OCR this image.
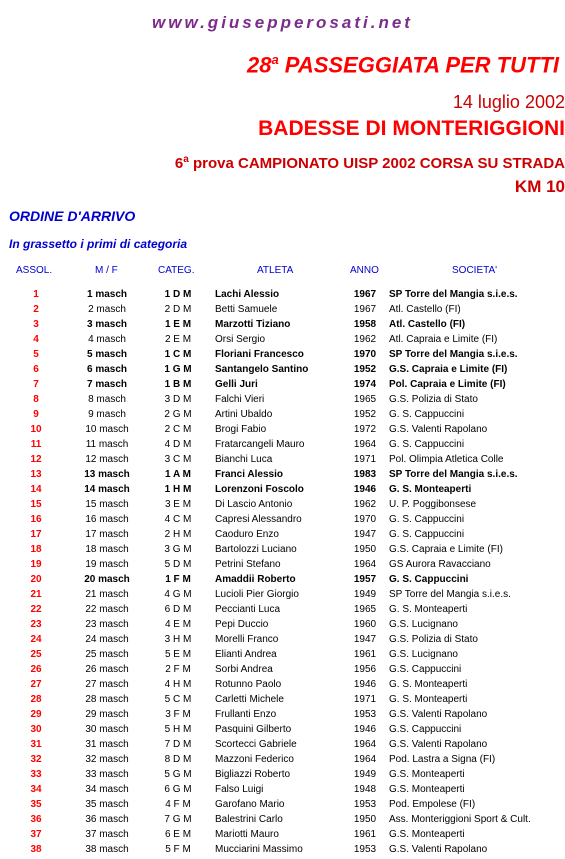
www.giusepperosati.net
28$^a$ PASSEGGIATA PER TUTTI
14 luglio 2002
BADESSE DI MONTERIGGIONI
6$^a$ prova CAMPIONATO UISP 2002 CORSA SU STRADA
KM 10
ORDINE D'ARRIVO
In grassetto i primi di categoria
ASSOL.	M / F	CATEG.	ATLETA	ANNO	SOCIETA'
1	1 masch	1 D M	Lachi Alessio	1967	SP Torre del Mangia s.i.e.s.
2	2 masch	2 D M	Betti Samuele	1967	Atl. Castello (FI)
3	3 masch	1 E M	Marzotti Tiziano	1958	Atl. Castello (FI)
4	4 masch	2 E M	Orsi Sergio	1962	Atl. Capraia e Limite (FI)
5	5 masch	1 C M	Floriani Francesco	1970	SP Torre del Mangia s.i.e.s.
6	6 masch	1 G M	Santangelo Santino	1952	G.S. Capraia e Limite (FI)
7	7 masch	1 B M	Gelli Juri	1974	Pol. Capraia e Limite (FI)
8	8 masch	3 D M	Falchi Vieri	1965	G.S. Polizia di Stato
9	9 masch	2 G M	Artini Ubaldo	1952	G. S. Cappuccini
10	10 masch	2 C M	Brogi Fabio	1972	G.S. Valenti Rapolano
11	11 masch	4 D M	Fratarcangeli Mauro	1964	G. S. Cappuccini
12	12 masch	3 C M	Bianchi Luca	1971	Pol. Olimpia Atletica Colle
13	13 masch	1 A M	Franci Alessio	1983	SP Torre del Mangia s.i.e.s.
14	14 masch	1 H M	Lorenzoni Foscolo	1946	G. S. Monteaperti
15	15 masch	3 E M	Di Lascio Antonio	1962	U. P. Poggibonsese
16	16 masch	4 C M	Capresi Alessandro	1970	G. S. Cappuccini
17	17 masch	2 H M	Caoduro Enzo	1947	G. S. Cappuccini
18	18 masch	3 G M	Bartolozzi Luciano	1950	G.S. Capraia e Limite (FI)
19	19 masch	5 D M	Petrini Stefano	1964	GS Aurora Ravacciano
20	20 masch	1 F M	Amaddii Roberto	1957	G. S. Cappuccini
21	21 masch	4 G M	Lucioli Pier Giorgio	1949	SP Torre del Mangia s.i.e.s.
22	22 masch	6 D M	Peccianti Luca	1965	G. S. Monteaperti
23	23 masch	4 E M	Pepi Duccio	1960	G.S. Lucignano
24	24 masch	3 H M	Morelli Franco	1947	G.S. Polizia di Stato
25	25 masch	5 E M	Elianti Andrea	1961	G.S. Lucignano
26	26 masch	2 F M	Sorbi Andrea	1956	G.S. Cappuccini
27	27 masch	4 H M	Rotunno Paolo	1946	G. S. Monteaperti
28	28 masch	5 C M	Carletti Michele	1971	G. S. Monteaperti
29	29 masch	3 F M	Frullanti Enzo	1953	G.S. Valenti Rapolano
30	30 masch	5 H M	Pasquini Gilberto	1946	G.S. Cappuccini
31	31 masch	7 D M	Scortecci Gabriele	1964	G.S. Valenti Rapolano
32	32 masch	8 D M	Mazzoni Federico	1964	Pod. Lastra a Signa (FI)
33	33 masch	5 G M	Bigliazzi Roberto	1949	G.S. Monteaperti
34	34 masch	6 G M	Falso Luigi	1948	G.S. Monteaperti
35	35 masch	4 F M	Garofano Mario	1953	Pod. Empolese (FI)
36	36 masch	7 G M	Balestrini Carlo	1950	Ass. Monteriggioni Sport & Cult.
37	37 masch	6 E M	Mariotti Mauro	1961	G.S. Monteaperti
38	38 masch	5 F M	Mucciarini Massimo	1953	G.S. Valenti Rapolano
